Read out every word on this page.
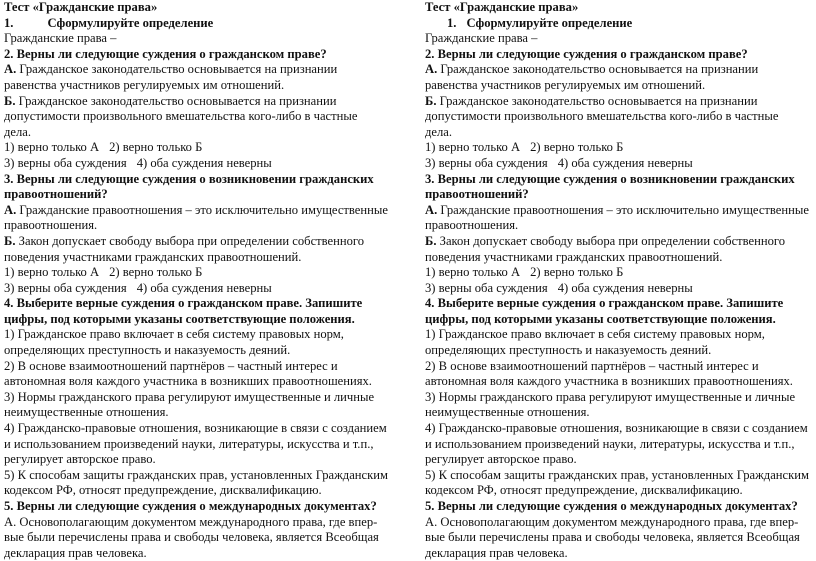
Тест «Гражданские права»

1.	Сформулируйте определение

Гражданские права –

2. Верны ли следующие суждения о гражданском праве?

А. Гражданское законодательство основывается на признании

равенства участников регулируемых им отношений.

Б. Гражданское законодательство основывается на признании

допустимости произвольного вмешательства кого-либо в частные

дела.

1) верно только А 2) верно только Б

3) верны оба суждения 4) оба суждения неверны

3. Верны ли следующие суждения о возникновении гражданских

правоотношений?

А. Гражданские правоотношения – это исключительно имущественные

правоотношения.

Б. Закон допускает свободу выбора при определении собственного

поведения участниками гражданских правоотношений.

1) верно только А 2) верно только Б

3) верны оба суждения 4) оба суждения неверны

4. Выберите верные суждения о гражданском праве. Запишите

цифры, под которыми указаны соответствующие положения.

1) Гражданское право включает в себя систему правовых норм,

определяющих преступность и наказуемость деяний.

2) В основе взаимоотношений партнёров – частный интерес и

автономная воля каждого участника в возникших правоотношениях.

3) Нормы гражданского права регулируют имущественные и личные

неимущественные отношения.

4) Гражданско-правовые отношения, возникающие в связи с созданием

и использованием произведений науки, литературы, искусства и т.п.,

регулирует авторское право.

5) К способам защиты гражданских прав, установленных Гражданским

кодексом РФ, относят предупреждение, дисквалификацию.

5. Верны ли следующие суждения о международных документах?

А. Основополагающим документом международного права, где впер-

вые были перечислены права и свободы человека, является Всеобщая

декларация прав человека.

Тест «Гражданские права»

1. Сформулируйте определение

Гражданские права –

2. Верны ли следующие суждения о гражданском праве?

А. Гражданское законодательство основывается на признании

равенства участников регулируемых им отношений.

Б. Гражданское законодательство основывается на признании

допустимости произвольного вмешательства кого-либо в частные

дела.

1) верно только А 2) верно только Б

3) верны оба суждения 4) оба суждения неверны

3. Верны ли следующие суждения о возникновении гражданских

правоотношений?

А. Гражданские правоотношения – это исключительно имущественные

правоотношения.

Б. Закон допускает свободу выбора при определении собственного

поведения участниками гражданских правоотношений.

1) верно только А 2) верно только Б

3) верны оба суждения 4) оба суждения неверны

4. Выберите верные суждения о гражданском праве. Запишите

цифры, под которыми указаны соответствующие положения.

1) Гражданское право включает в себя систему правовых норм,

определяющих преступность и наказуемость деяний.

2) В основе взаимоотношений партнёров – частный интерес и

автономная воля каждого участника в возникших правоотношениях.

3) Нормы гражданского права регулируют имущественные и личные

неимущественные отношения.

4) Гражданско-правовые отношения, возникающие в связи с созданием

и использованием произведений науки, литературы, искусства и т.п.,

регулирует авторское право.

5) К способам защиты гражданских прав, установленных Гражданским

кодексом РФ, относят предупреждение, дисквалификацию.

5. Верны ли следующие суждения о международных документах?

А. Основополагающим документом международного права, где впер-

вые были перечислены права и свободы человека, является Всеобщая

декларация прав человека.
